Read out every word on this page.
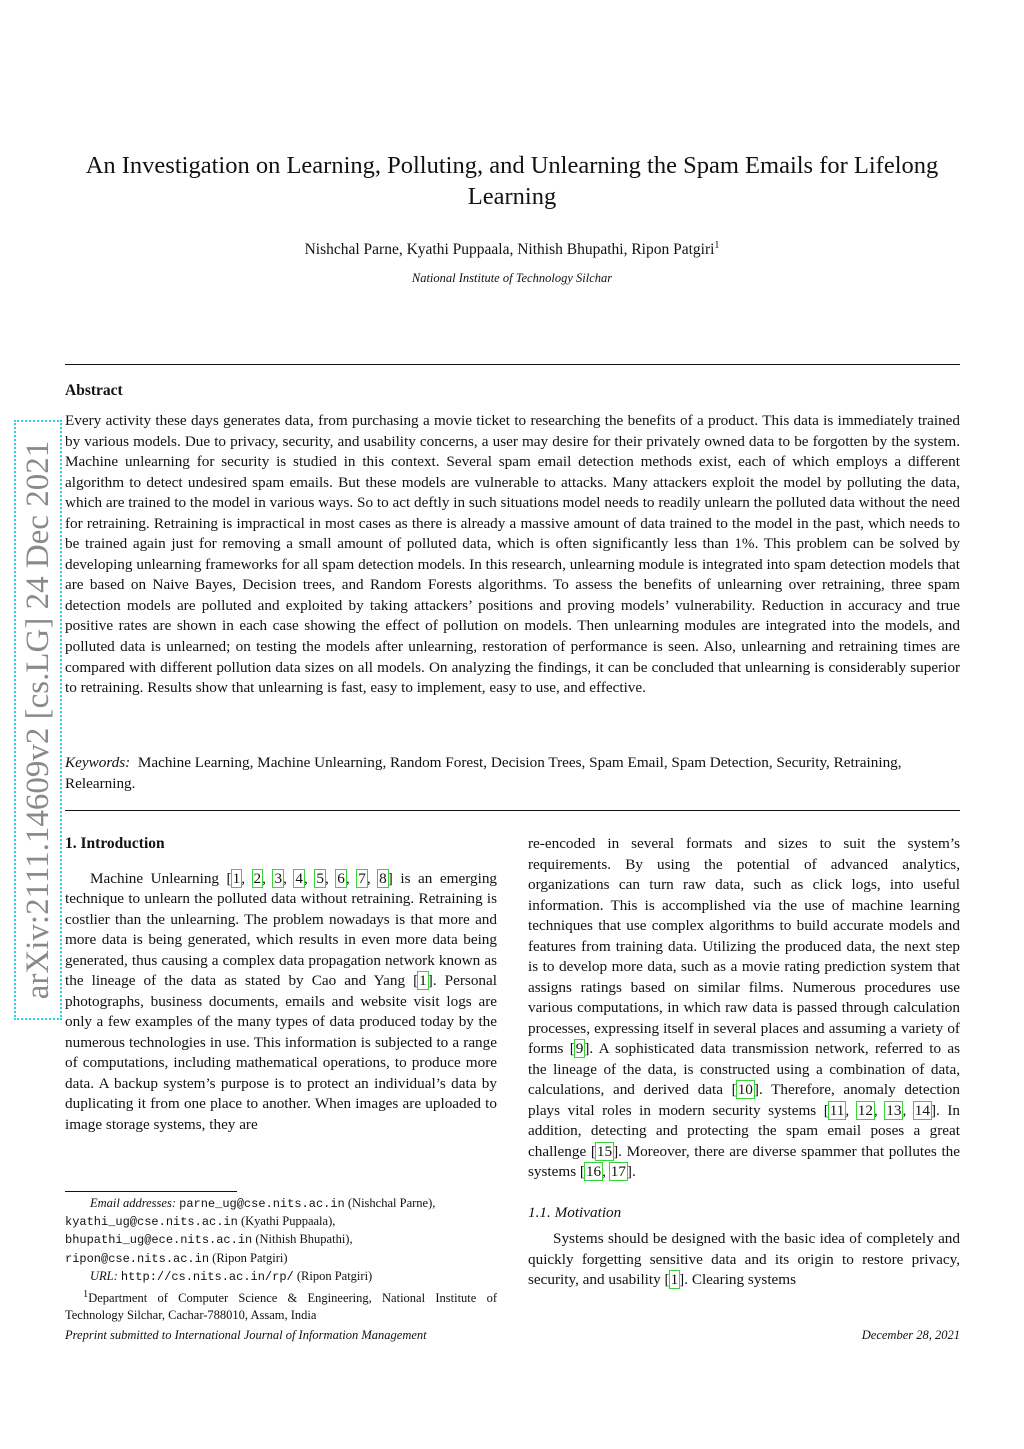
An Investigation on Learning, Polluting, and Unlearning the Spam Emails for Lifelong Learning
Nishchal Parne, Kyathi Puppaala, Nithish Bhupathi, Ripon Patgiri$^1$
National Institute of Technology Silchar
arXiv:2111.14609v2 [cs.LG] 24 Dec 2021
Abstract

Every activity these days generates data, from purchasing a movie ticket to researching the benefits of a product. This data is immediately trained by various models. Due to privacy, security, and usability concerns, a user may desire for their privately owned data to be forgotten by the system. Machine unlearning for security is studied in this context. Several spam email detection methods exist, each of which employs a different algorithm to detect undesired spam emails. But these models are vulnerable to attacks. Many attackers exploit the model by polluting the data, which are trained to the model in various ways. So to act deftly in such situations model needs to readily unlearn the polluted data without the need for retraining. Retraining is impractical in most cases as there is already a massive amount of data trained to the model in the past, which needs to be trained again just for removing a small amount of polluted data, which is often significantly less than 1%. This problem can be solved by developing unlearning frameworks for all spam detection models. In this research, unlearning module is integrated into spam detection models that are based on Naive Bayes, Decision trees, and Random Forests algorithms. To assess the benefits of unlearning over retraining, three spam detection models are polluted and exploited by taking attackers’ positions and proving models’ vulnerability. Reduction in accuracy and true positive rates are shown in each case showing the effect of pollution on models. Then unlearning modules are integrated into the models, and polluted data is unlearned; on testing the models after unlearning, restoration of performance is seen. Also, unlearning and retraining times are compared with different pollution data sizes on all models. On analyzing the findings, it can be concluded that unlearning is considerably superior to retraining. Results show that unlearning is fast, easy to implement, easy to use, and effective.

Keywords: Machine Learning, Machine Unlearning, Random Forest, Decision Trees, Spam Email, Spam Detection, Security, Retraining, Relearning.

1. Introduction

Machine Unlearning [1, 2, 3, 4, 5, 6, 7, 8] is an emerging technique to unlearn the polluted data without retraining. Retraining is costlier than the unlearning. The problem nowadays is that more and more data is being generated, which results in even more data being generated, thus causing a complex data propagation network known as the lineage of the data as stated by Cao and Yang [1]. Personal photographs, business documents, emails and website visit logs are only a few examples of the many types of data produced today by the numerous technologies in use. This information is subjected to a range of computations, including mathematical operations, to produce more data. A backup system’s purpose is to protect an individual’s data by duplicating it from one place to another. When images are uploaded to image storage systems, they are

re-encoded in several formats and sizes to suit the system’s requirements. By using the potential of advanced analytics, organizations can turn raw data, such as click logs, into useful information. This is accomplished via the use of machine learning techniques that use complex algorithms to build accurate models and features from training data. Utilizing the produced data, the next step is to develop more data, such as a movie rating prediction system that assigns ratings based on similar films. Numerous procedures use various computations, in which raw data is passed through calculation processes, expressing itself in several places and assuming a variety of forms [9]. A sophisticated data transmission network, referred to as the lineage of the data, is constructed using a combination of data, calculations, and derived data [10]. Therefore, anomaly detection plays vital roles in modern security systems [11, 12, 13, 14]. In addition, detecting and protecting the spam email poses a great challenge [15]. Moreover, there are diverse spammer that pollutes the systems [16, 17].

1.1. Motivation

Systems should be designed with the basic idea of completely and quickly forgetting sensitive data and its origin to restore privacy, security, and usability [1]. Clearing systems

Email addresses: parne_ug@cse.nits.ac.in (Nishchal Parne),
kyathi_ug@cse.nits.ac.in (Kyathi Puppaala),
bhupathi_ug@ece.nits.ac.in (Nithish Bhupathi),
ripon@cse.nits.ac.in (Ripon Patgiri)

URL: http://cs.nits.ac.in/rp/ (Ripon Patgiri)

$^1$Department of Computer Science & Engineering, National Institute of Technology Silchar, Cachar-788010, Assam, India

Preprint submitted to International Journal of Information Management	December 28, 2021
